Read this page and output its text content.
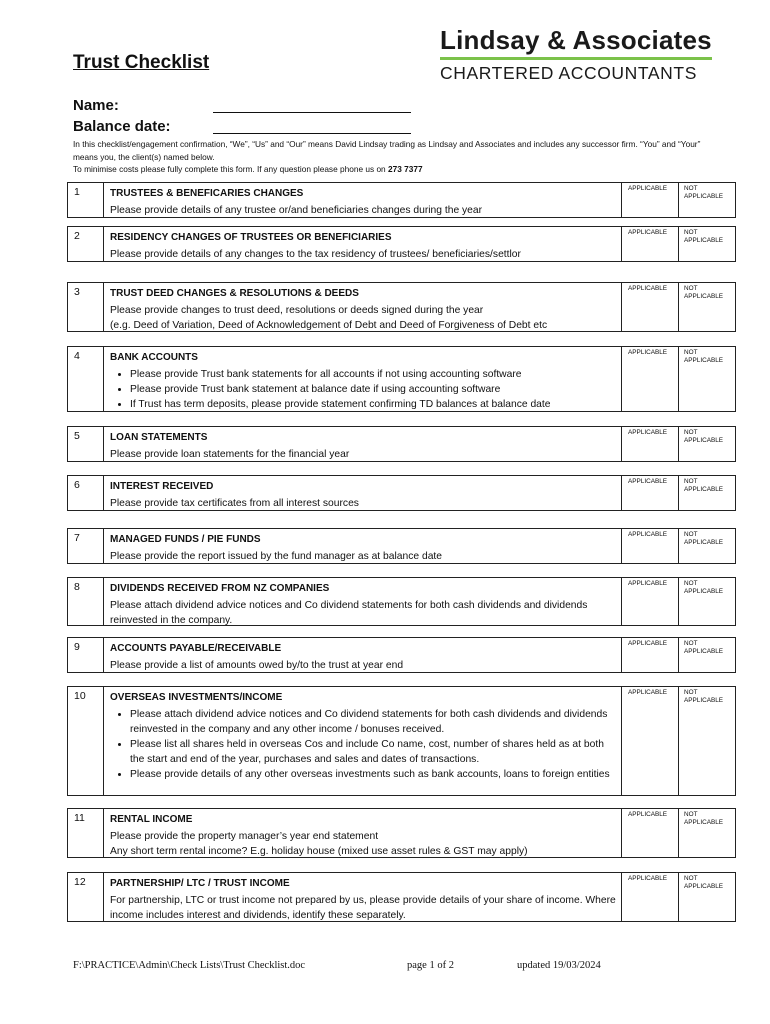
Trust Checklist
Lindsay & Associates
CHARTERED ACCOUNTANTS
Name:
Balance date:

In this checklist/engagement confirmation, “We”, “Us” and “Our” means David Lindsay trading as Lindsay and Associates and includes any successor firm. “You” and “Your” means you, the client(s) named below.

To minimise costs please fully complete this form. If any question please phone us on 273 7377

1	TRUSTEES & BENEFICARIES CHANGES
Please provide details of any trustee or/and beneficiaries changes during the year
APPLICABLE	NOT APPLICABLE
2	RESIDENCY CHANGES OF TRUSTEES OR BENEFICIARIES
Please provide details of any changes to the tax residency of trustees/ beneficiaries/settlor
APPLICABLE	NOT APPLICABLE
3	TRUST DEED CHANGES & RESOLUTIONS & DEEDS
Please provide changes to trust deed, resolutions or deeds signed during the year
(e.g. Deed of Variation, Deed of Acknowledgement of Debt and Deed of Forgiveness of Debt etc
APPLICABLE	NOT APPLICABLE
4	BANK ACCOUNTS
• Please provide Trust bank statements for all accounts if not using accounting software
• Please provide Trust bank statement at balance date if using accounting software
• If Trust has term deposits, please provide statement confirming TD balances at balance date
APPLICABLE	NOT APPLICABLE
5	LOAN STATEMENTS
Please provide loan statements for the financial year
APPLICABLE	NOT APPLICABLE
6	INTEREST RECEIVED
Please provide tax certificates from all interest sources
APPLICABLE	NOT APPLICABLE
7	MANAGED FUNDS / PIE FUNDS
Please provide the report issued by the fund manager as at balance date
APPLICABLE	NOT APPLICABLE
8	DIVIDENDS RECEIVED FROM NZ COMPANIES
Please attach dividend advice notices and Co dividend statements for both cash dividends and dividends reinvested in the company.
APPLICABLE	NOT APPLICABLE
9	ACCOUNTS PAYABLE/RECEIVABLE
Please provide a list of amounts owed by/to the trust at year end
APPLICABLE	NOT APPLICABLE
10	OVERSEAS INVESTMENTS/INCOME
• Please attach dividend advice notices and Co dividend statements for both cash dividends and dividends reinvested in the company and any other income / bonuses received.
• Please list all shares held in overseas Cos and include Co name, cost, number of shares held as at both the start and end of the year, purchases and sales and dates of transactions.
• Please provide details of any other overseas investments such as bank accounts, loans to foreign entities
APPLICABLE	NOT APPLICABLE
11	RENTAL INCOME
Please provide the property manager’s year end statement
Any short term rental income? E.g. holiday house (mixed use asset rules & GST may apply)
APPLICABLE	NOT APPLICABLE
12	PARTNERSHIP/ LTC / TRUST INCOME
For partnership, LTC or trust income not prepared by us, please provide details of your share of income. Where income includes interest and dividends, identify these separately.
APPLICABLE	NOT APPLICABLE
F:\PRACTICE\Admin\Check Lists\Trust Checklist.doc	page 1 of 2	updated 19/03/2024
